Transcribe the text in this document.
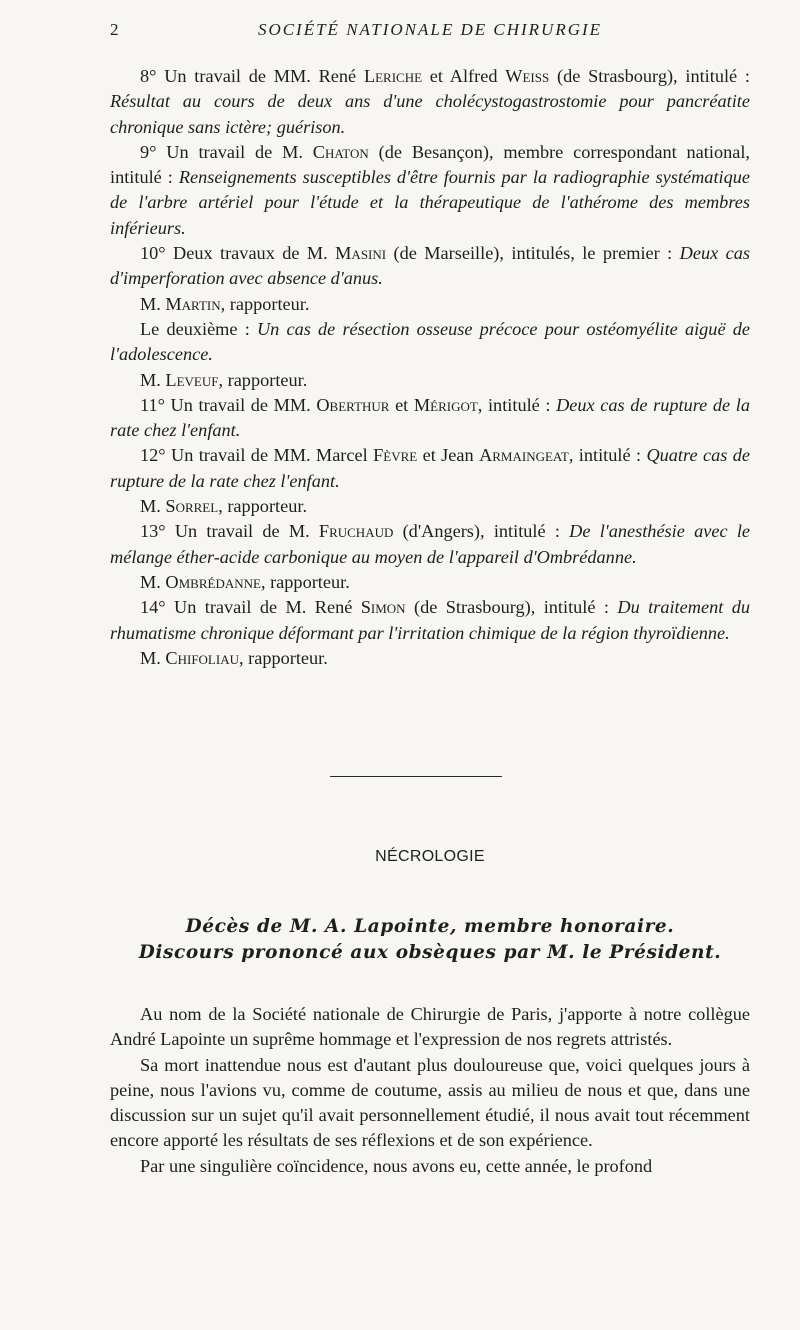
2	SOCIÉTÉ NATIONALE DE CHIRURGIE

8° Un travail de MM. René Leriche et Alfred Weiss (de Strasbourg), intitulé : Résultat au cours de deux ans d'une cholécystogastrostomie pour pancréatite chronique sans ictère; guérison.

9° Un travail de M. Chaton (de Besançon), membre correspondant national, intitulé : Renseignements susceptibles d'être fournis par la radiographie systématique de l'arbre artériel pour l'étude et la thérapeutique de l'athérome des membres inférieurs.

10° Deux travaux de M. Masini (de Marseille), intitulés, le premier : Deux cas d'imperforation avec absence d'anus.

M. Martin, rapporteur.

Le deuxième : Un cas de résection osseuse précoce pour ostéomyélite aiguë de l'adolescence.

M. Leveuf, rapporteur.

11° Un travail de MM. Oberthur et Mérigot, intitulé : Deux cas de rupture de la rate chez l'enfant.

12° Un travail de MM. Marcel Fèvre et Jean Armaingeat, intitulé : Quatre cas de rupture de la rate chez l'enfant.

M. Sorrel, rapporteur.

13° Un travail de M. Fruchaud (d'Angers), intitulé : De l'anesthésie avec le mélange éther-acide carbonique au moyen de l'appareil d'Ombrédanne.

M. Ombrédanne, rapporteur.

14° Un travail de M. René Simon (de Strasbourg), intitulé : Du traitement du rhumatisme chronique déformant par l'irritation chimique de la région thyroïdienne.

M. Chifoliau, rapporteur.

NÉCROLOGIE
Décès de M. A. Lapointe, membre honoraire.
Discours prononcé aux obsèques par M. le Président.

Au nom de la Société nationale de Chirurgie de Paris, j'apporte à notre collègue André Lapointe un suprême hommage et l'expression de nos regrets attristés.

Sa mort inattendue nous est d'autant plus douloureuse que, voici quelques jours à peine, nous l'avions vu, comme de coutume, assis au milieu de nous et que, dans une discussion sur un sujet qu'il avait personnellement étudié, il nous avait tout récemment encore apporté les résultats de ses réflexions et de son expérience.

Par une singulière coïncidence, nous avons eu, cette année, le profond
